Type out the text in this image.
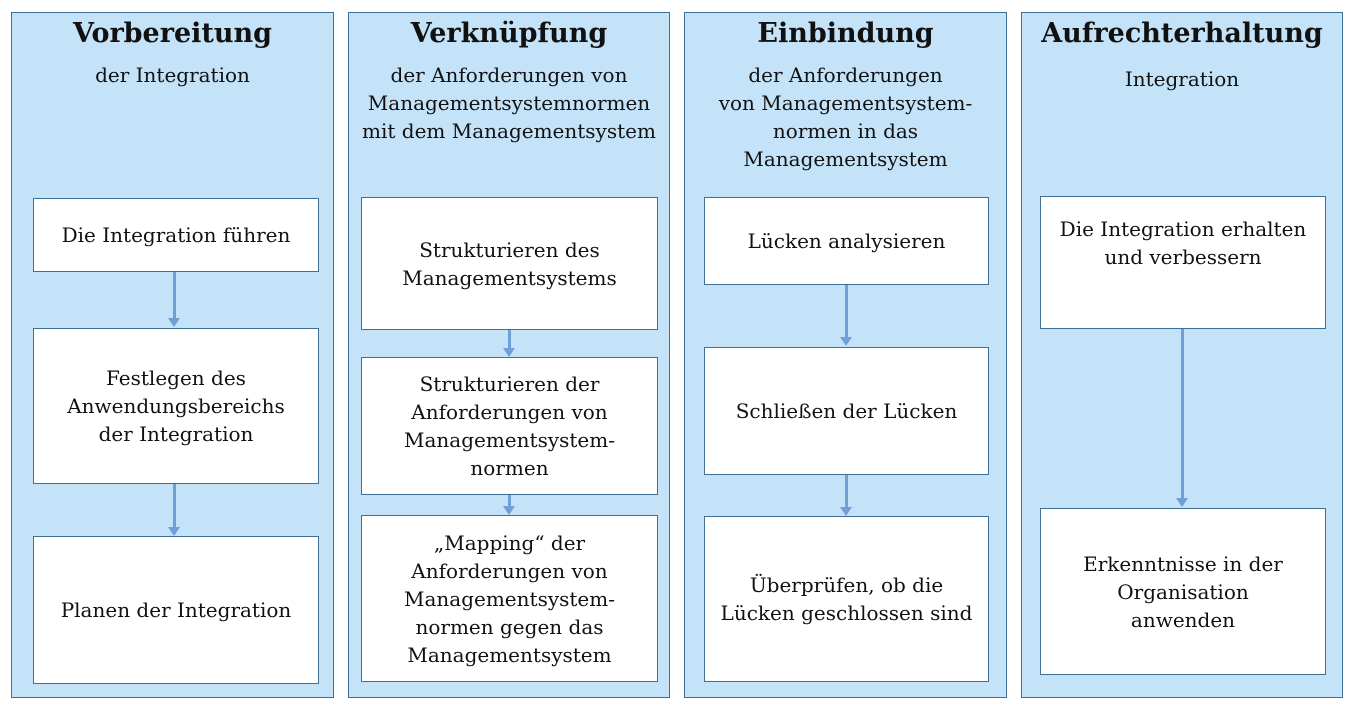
Vorbereitung
der Integration
Die Integration führen
Festlegen des
Anwendungsbereichs
der Integration
Planen der Integration
Verknüpfung
der Anforderungen von
Managementsystemnormen
mit dem Managementsystem
Strukturieren des
Managementsystems
Strukturieren der
Anforderungen von
Managementsystem-
normen
„Mapping“ der
Anforderungen von
Managementsystem-
normen gegen das
Managementsystem
Einbindung
der Anforderungen
von Managementsystem-
normen in das
Managementsystem
Lücken analysieren
Schließen der Lücken
Überprüfen, ob die
Lücken geschlossen sind
Aufrechterhaltung
Integration
Die Integration erhalten
und verbessern
Erkenntnisse in der
Organisation
anwenden
